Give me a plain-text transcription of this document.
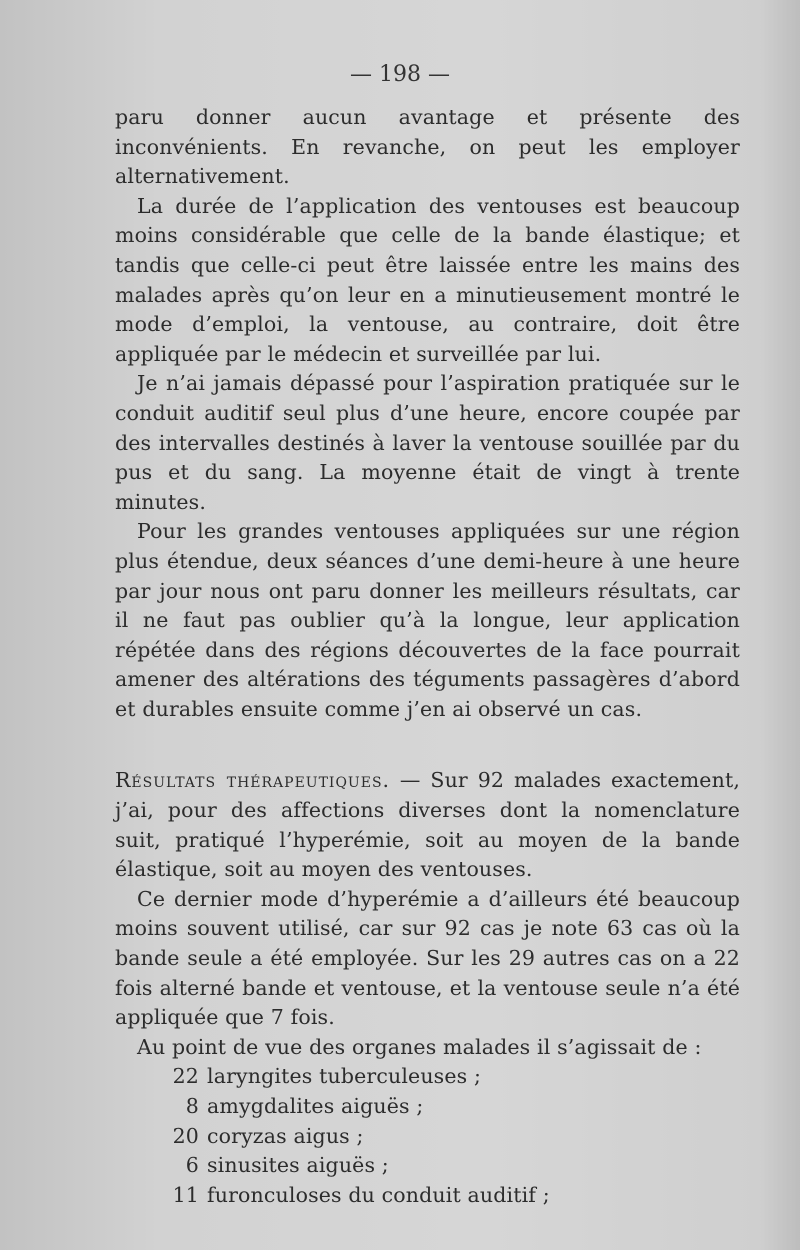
— 198 —

paru donner aucun avantage et présente des inconvénients. En revanche, on peut les employer alternativement.

La durée de l’application des ventouses est beaucoup moins considérable que celle de la bande élastique; et tandis que celle-ci peut être laissée entre les mains des malades après qu’on leur en a minutieusement montré le mode d’emploi, la ventouse, au contraire, doit être appliquée par le médecin et surveillée par lui.

Je n’ai jamais dépassé pour l’aspiration pratiquée sur le conduit auditif seul plus d’une heure, encore coupée par des intervalles destinés à laver la ventouse souillée par du pus et du sang. La moyenne était de vingt à trente minutes.

Pour les grandes ventouses appliquées sur une région plus étendue, deux séances d’une demi-heure à une heure par jour nous ont paru donner les meilleurs résultats, car il ne faut pas oublier qu’à la longue, leur application répétée dans des régions découvertes de la face pourrait amener des altérations des téguments passagères d’abord et durables ensuite comme j’en ai observé un cas.

Résultats thérapeutiques. — Sur 92 malades exactement, j’ai, pour des affections diverses dont la nomenclature suit, pratiqué l’hyperémie, soit au moyen de la bande élastique, soit au moyen des ventouses.

Ce dernier mode d’hyperémie a d’ailleurs été beaucoup moins souvent utilisé, car sur 92 cas je note 63 cas où la bande seule a été employée. Sur les 29 autres cas on a 22 fois alterné bande et ventouse, et la ventouse seule n’a été appliquée que 7 fois.

Au point de vue des organes malades il s’agissait de :

22 laryngites tuberculeuses ;
8 amygdalites aiguës ;
20 coryzas aigus ;
6 sinusites aiguës ;
11 furonculoses du conduit auditif ;
